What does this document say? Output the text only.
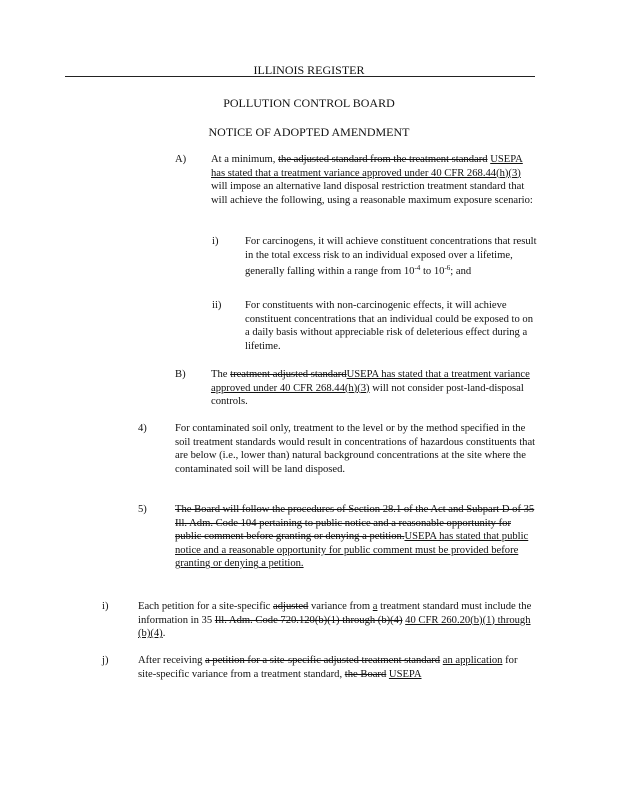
ILLINOIS REGISTER
POLLUTION CONTROL BOARD
NOTICE OF ADOPTED AMENDMENT
A) At a minimum, the adjusted standard from the treatment standard USEPA has stated that a treatment variance approved under 40 CFR 268.44(h)(3) will impose an alternative land disposal restriction treatment standard that will achieve the following, using a reasonable maximum exposure scenario:

i)	For carcinogens, it will achieve constituent concentrations that result in the total excess risk to an individual exposed over a lifetime, generally falling within a range from $10^{-4}$ to $10^{-6}$; and

ii) For constituents with non-carcinogenic effects, it will achieve constituent concentrations that an individual could be exposed to on a daily basis without appreciable risk of deleterious effect during a lifetime.

B) The treatment adjusted standardUSEPA has stated that a treatment variance approved under 40 CFR 268.44(h)(3) will not consider post-land-disposal controls.

4)	For contaminated soil only, treatment to the level or by the method specified in the soil treatment standards would result in concentrations of hazardous constituents that are below (i.e., lower than) natural background concentrations at the site where the contaminated soil will be land disposed.

5)	The Board will follow the procedures of Section 28.1 of the Act and Subpart D of 35 Ill. Adm. Code 104 pertaining to public notice and a reasonable opportunity for public comment before granting or denying a petition.USEPA has stated that public notice and a reasonable opportunity for public comment must be provided before granting or denying a petition.

i)	Each petition for a site-specific adjusted variance from a treatment standard must include the information in 35 Ill. Adm. Code 720.120(b)(1) through (b)(4) 40 CFR 260.20(b)(1) through (b)(4).

j)	After receiving a petition for a site-specific adjusted treatment standard an application for site-specific variance from a treatment standard, the Board USEPA
